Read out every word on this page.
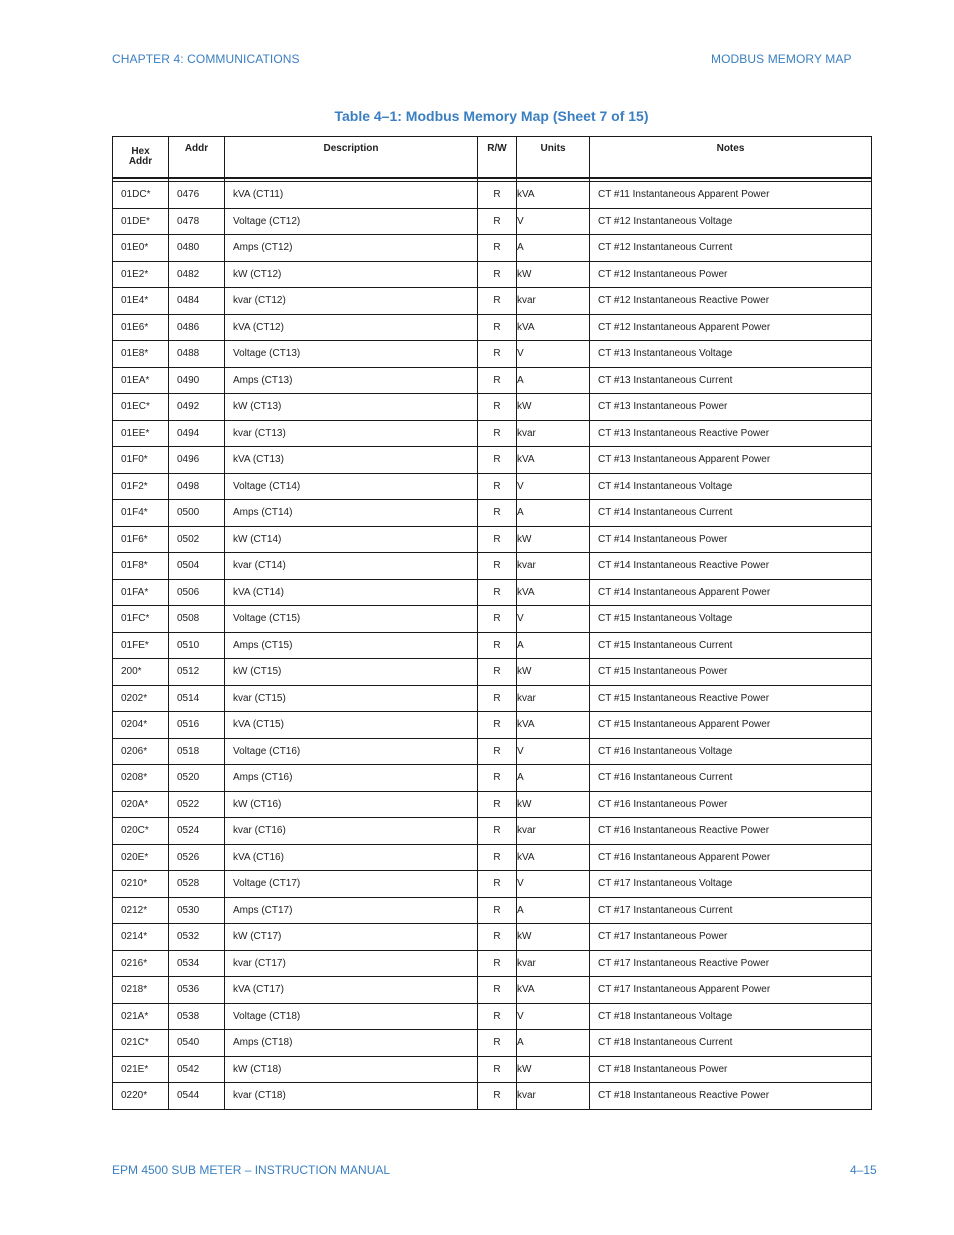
CHAPTER 4: COMMUNICATIONS	MODBUS MEMORY MAP
Table 4–1: Modbus Memory Map (Sheet 7 of 15)
Hex
Addr	Addr	Description	R/W	Units	Notes

01DC*	0476	kVA (CT11)	R	kVA	CT #11 Instantaneous Apparent Power
01DE*	0478	Voltage (CT12)	R	V	CT #12 Instantaneous Voltage
01E0*	0480	Amps (CT12)	R	A	CT #12 Instantaneous Current
01E2*	0482	kW (CT12)	R	kW	CT #12 Instantaneous Power
01E4*	0484	kvar (CT12)	R	kvar	CT #12 Instantaneous Reactive Power
01E6*	0486	kVA (CT12)	R	kVA	CT #12 Instantaneous Apparent Power
01E8*	0488	Voltage (CT13)	R	V	CT #13 Instantaneous Voltage
01EA*	0490	Amps (CT13)	R	A	CT #13 Instantaneous Current
01EC*	0492	kW (CT13)	R	kW	CT #13 Instantaneous Power
01EE*	0494	kvar (CT13)	R	kvar	CT #13 Instantaneous Reactive Power
01F0*	0496	kVA (CT13)	R	kVA	CT #13 Instantaneous Apparent Power
01F2*	0498	Voltage (CT14)	R	V	CT #14 Instantaneous Voltage
01F4*	0500	Amps (CT14)	R	A	CT #14 Instantaneous Current
01F6*	0502	kW (CT14)	R	kW	CT #14 Instantaneous Power
01F8*	0504	kvar (CT14)	R	kvar	CT #14 Instantaneous Reactive Power
01FA*	0506	kVA (CT14)	R	kVA	CT #14 Instantaneous Apparent Power
01FC*	0508	Voltage (CT15)	R	V	CT #15 Instantaneous Voltage
01FE*	0510	Amps (CT15)	R	A	CT #15 Instantaneous Current
200*	0512	kW (CT15)	R	kW	CT #15 Instantaneous Power
0202*	0514	kvar (CT15)	R	kvar	CT #15 Instantaneous Reactive Power
0204*	0516	kVA (CT15)	R	kVA	CT #15 Instantaneous Apparent Power
0206*	0518	Voltage (CT16)	R	V	CT #16 Instantaneous Voltage
0208*	0520	Amps (CT16)	R	A	CT #16 Instantaneous Current
020A*	0522	kW (CT16)	R	kW	CT #16 Instantaneous Power
020C*	0524	kvar (CT16)	R	kvar	CT #16 Instantaneous Reactive Power
020E*	0526	kVA (CT16)	R	kVA	CT #16 Instantaneous Apparent Power
0210*	0528	Voltage (CT17)	R	V	CT #17 Instantaneous Voltage
0212*	0530	Amps (CT17)	R	A	CT #17 Instantaneous Current
0214*	0532	kW (CT17)	R	kW	CT #17 Instantaneous Power
0216*	0534	kvar (CT17)	R	kvar	CT #17 Instantaneous Reactive Power
0218*	0536	kVA (CT17)	R	kVA	CT #17 Instantaneous Apparent Power
021A*	0538	Voltage (CT18)	R	V	CT #18 Instantaneous Voltage
021C*	0540	Amps (CT18)	R	A	CT #18 Instantaneous Current
021E*	0542	kW (CT18)	R	kW	CT #18 Instantaneous Power
0220*	0544	kvar (CT18)	R	kvar	CT #18 Instantaneous Reactive Power
EPM 4500 SUB METER – INSTRUCTION MANUAL	4–15
